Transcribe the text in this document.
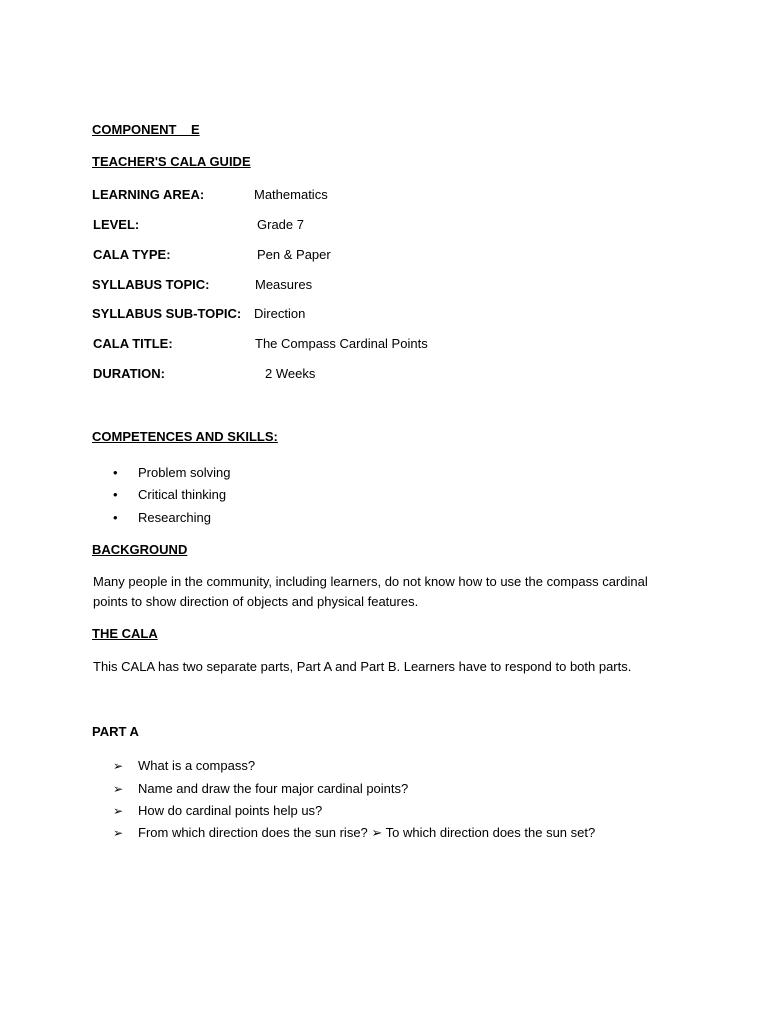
COMPONENT    E
TEACHER'S CALA GUIDE
LEARNING AREA:	Mathematics
LEVEL:	Grade 7
CALA TYPE:	Pen & Paper
SYLLABUS TOPIC:	Measures
SYLLABUS SUB-TOPIC: Direction
CALA TITLE:	The Compass Cardinal Points
DURATION:	2 Weeks
COMPETENCES AND SKILLS:
• Problem solving
• Critical thinking
• Researching
BACKGROUND
Many people in the community, including learners, do not know how to use the compass cardinal points to show direction of objects and physical features.
THE CALA
This CALA has two separate parts, Part A and Part B. Learners have to respond to both parts.
PART A
➢ What is a compass?
➢ Name and draw the four major cardinal points?
➢ How do cardinal points help us?
➢ From which direction does the sun rise? ➢ To which direction does the sun set?
